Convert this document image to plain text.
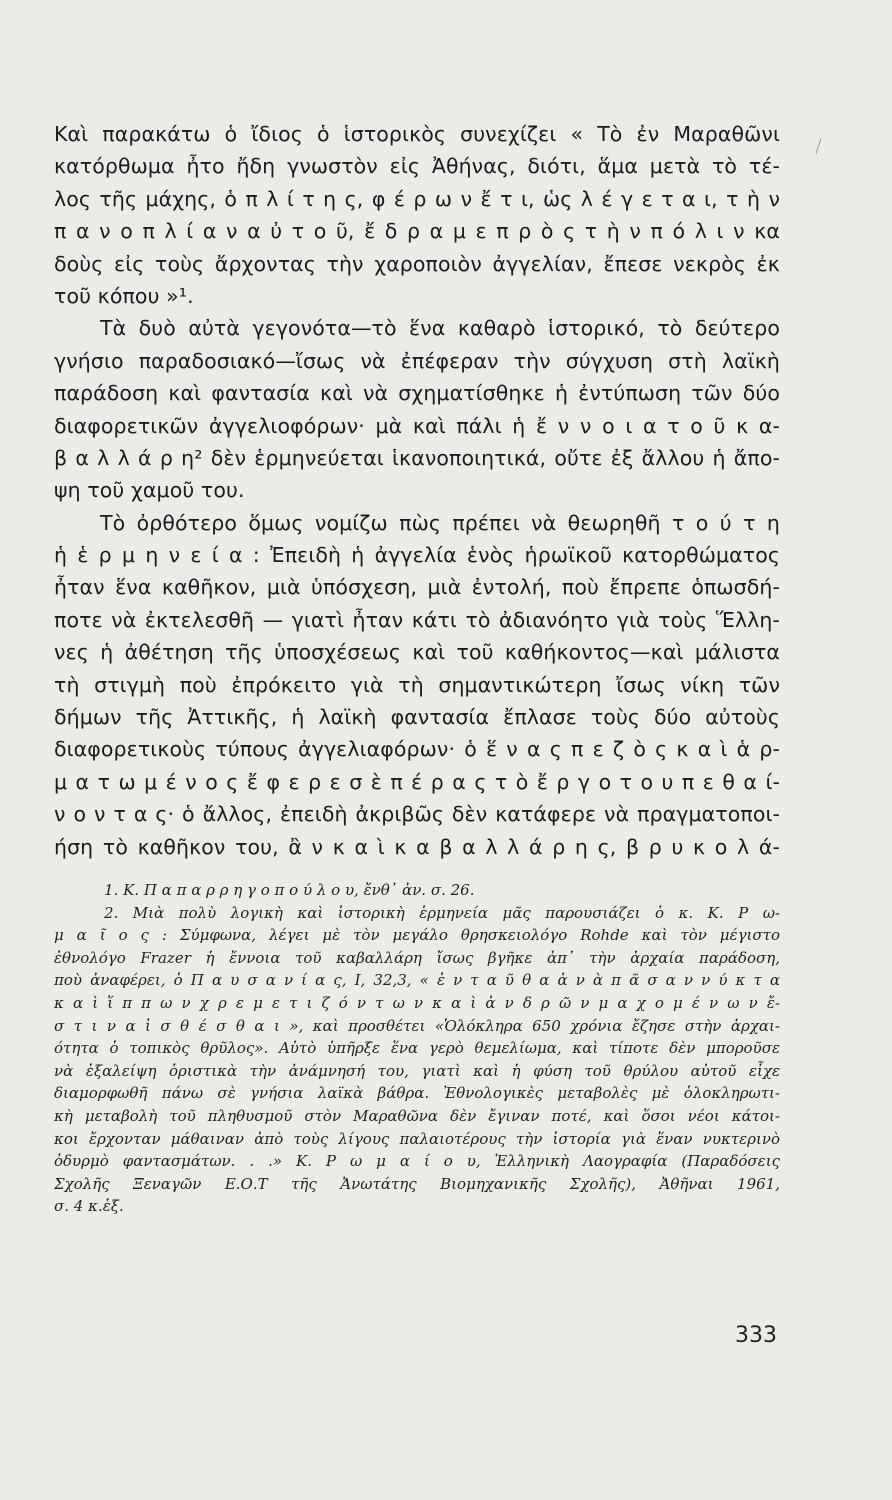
Καὶ παρακάτω ὁ ἴδιος ὁ ἱστορικὸς συνεχίζει « Τὸ ἐν Μαραθῶνι
κατόρθωμα ἦτο ἤδη γνωστὸν εἰς Ἀθήνας, διότι, ἅμα μετὰ τὸ τέ-
λος τῆς μάχης, ὁ π λ ί τ η ς, φ έ ρ ω ν ἔ τ ι, ὡς λ έ γ ε τ α ι, τ ὴ ν
π α ν ο π λ ί α ν α ὐ τ ο ῦ, ἔ δ ρ α μ ε π ρ ὸ ς τ ὴ ν π ό λ ι ν κα
δοὺς εἰς τοὺς ἄρχοντας τὴν χαροποιὸν ἀγγελίαν, ἔπεσε νεκρὸς ἐκ
τοῦ κόπου »¹.
Τὰ δυὸ αὐτὰ γεγονότα—τὸ ἕνα καθαρὸ ἱστορικό, τὸ δεύτερο
γνήσιο παραδοσιακό—ἴσως νὰ ἐπέφεραν τὴν σύγχυση στὴ λαϊκὴ
παράδοση καὶ φαντασία καὶ νὰ σχηματίσθηκε ἡ ἐντύπωση τῶν δύο
διαφορετικῶν ἀγγελιοφόρων· μὰ καὶ πάλι ἡ ἔ ν ν ο ι α τ ο ῦ κ α-
β α λ λ ά ρ η² δὲν ἑρμηνεύεται ἱκανοποιητικά, οὔτε ἐξ ἄλλου ἡ ἄπο-
ψη τοῦ χαμοῦ του.
Τὸ ὀρθότερο ὅμως νομίζω πὼς πρέπει νὰ θεωρηθῆ τ ο ύ τ η
ἡ ἑ ρ μ η ν ε ί α : Ἐπειδὴ ἡ ἀγγελία ἑνὸς ἡρωϊκοῦ κατορθώματος
ἦταν ἕνα καθῆκον, μιὰ ὑπόσχεση, μιὰ ἐντολή, ποὺ ἔπρεπε ὁπωσδή-
ποτε νὰ ἐκτελεσθῆ — γιατὶ ἦταν κάτι τὸ ἀδιανόητο γιὰ τοὺς Ἕλλη-
νες ἡ ἀθέτηση τῆς ὑποσχέσεως καὶ τοῦ καθήκοντος—καὶ μάλιστα
τὴ στιγμὴ ποὺ ἐπρόκειτο γιὰ τὴ σημαντικώτερη ἴσως νίκη τῶν
δήμων τῆς Ἀττικῆς, ἡ λαϊκὴ φαντασία ἔπλασε τοὺς δύο αὐτοὺς
διαφορετικοὺς τύπους ἀγγελιαφόρων· ὁ ἕ ν α ς π ε ζ ὸ ς κ α ὶ ἁ ρ-
μ α τ ω μ έ ν ο ς ἔ φ ε ρ ε σ ὲ π έ ρ α ς τ ὸ ἔ ρ γ ο τ ο υ π ε θ α ί-
ν ο ν τ α ς· ὁ ἄλλος, ἐπειδὴ ἀκριβῶς δὲν κατάφερε νὰ πραγματοποι-
ήση τὸ καθῆκον του, ἂ ν κ α ὶ κ α β α λ λ ά ρ η ς, β ρ υ κ ο λ ά-
1. Κ. Π α π α ρ ρ η γ ο π ο ύ λ ο υ, ἔνθ᾽ ἀν. σ. 26.
2. Μιὰ πολὺ λογικὴ καὶ ἱστορικὴ ἑρμηνεία μᾶς παρουσιάζει ὁ κ. Κ. Ρ ω-
μ α ῖ ο ς : Σύμφωνα, λέγει μὲ τὸν μεγάλο θρησκειολόγο Rohde καὶ τὸν μέγιστο
ἐθνολόγο Frazer ἡ ἔννοια τοῦ καβαλλάρη ἴσως βγῆκε ἀπ᾽ τὴν ἀρχαία παράδοση,
ποὺ ἀναφέρει, ὁ Π α υ σ α ν ί α ς, Ι, 32,3, « ἐ ν τ α ῦ θ α ἀ ν ὰ π ᾶ σ α ν ν ύ κ τ α
κ α ὶ ἵ π π ω ν χ ρ ε μ ε τ ι ζ ό ν τ ω ν κ α ὶ ἀ ν δ ρ ῶ ν μ α χ ο μ έ ν ω ν ἔ-
σ τ ι ν α ἰ σ θ έ σ θ α ι », καὶ προσθέτει «Ὁλόκληρα 650 χρόνια ἔζησε στὴν ἀρχαι-
ότητα ὁ τοπικὸς θρῦλος». Αὐτὸ ὑπῆρξε ἕνα γερὸ θεμελίωμα, καὶ τίποτε δὲν μποροῦσε
νὰ ἐξαλείψη ὁριστικὰ τὴν ἀνάμνησή του, γιατὶ καὶ ἡ φύση τοῦ θρύλου αὐτοῦ εἶχε
διαμορφωθῆ πάνω σὲ γνήσια λαϊκὰ βάθρα. Ἐθνολογικὲς μεταβολὲς μὲ ὁλοκληρωτι-
κὴ μεταβολὴ τοῦ πληθυσμοῦ στὸν Μαραθῶνα δὲν ἔγιναν ποτέ, καὶ ὅσοι νέοι κάτοι-
κοι ἔρχονταν μάθαιναν ἀπὸ τοὺς λίγους παλαιοτέρους τὴν ἱστορία γιὰ ἕναν νυκτερινὸ
ὀδυρμὸ φαντασμάτων. . .» Κ. Ρ ω μ α ί ο υ, Ἑλληνικὴ Λαογραφία (Παραδόσεις
Σχολῆς Ξεναγῶν Ε.Ο.Τ τῆς Ἀνωτάτης Βιομηχανικῆς Σχολῆς), Ἀθῆναι 1961,
σ. 4 κ.ἑξ.
333
